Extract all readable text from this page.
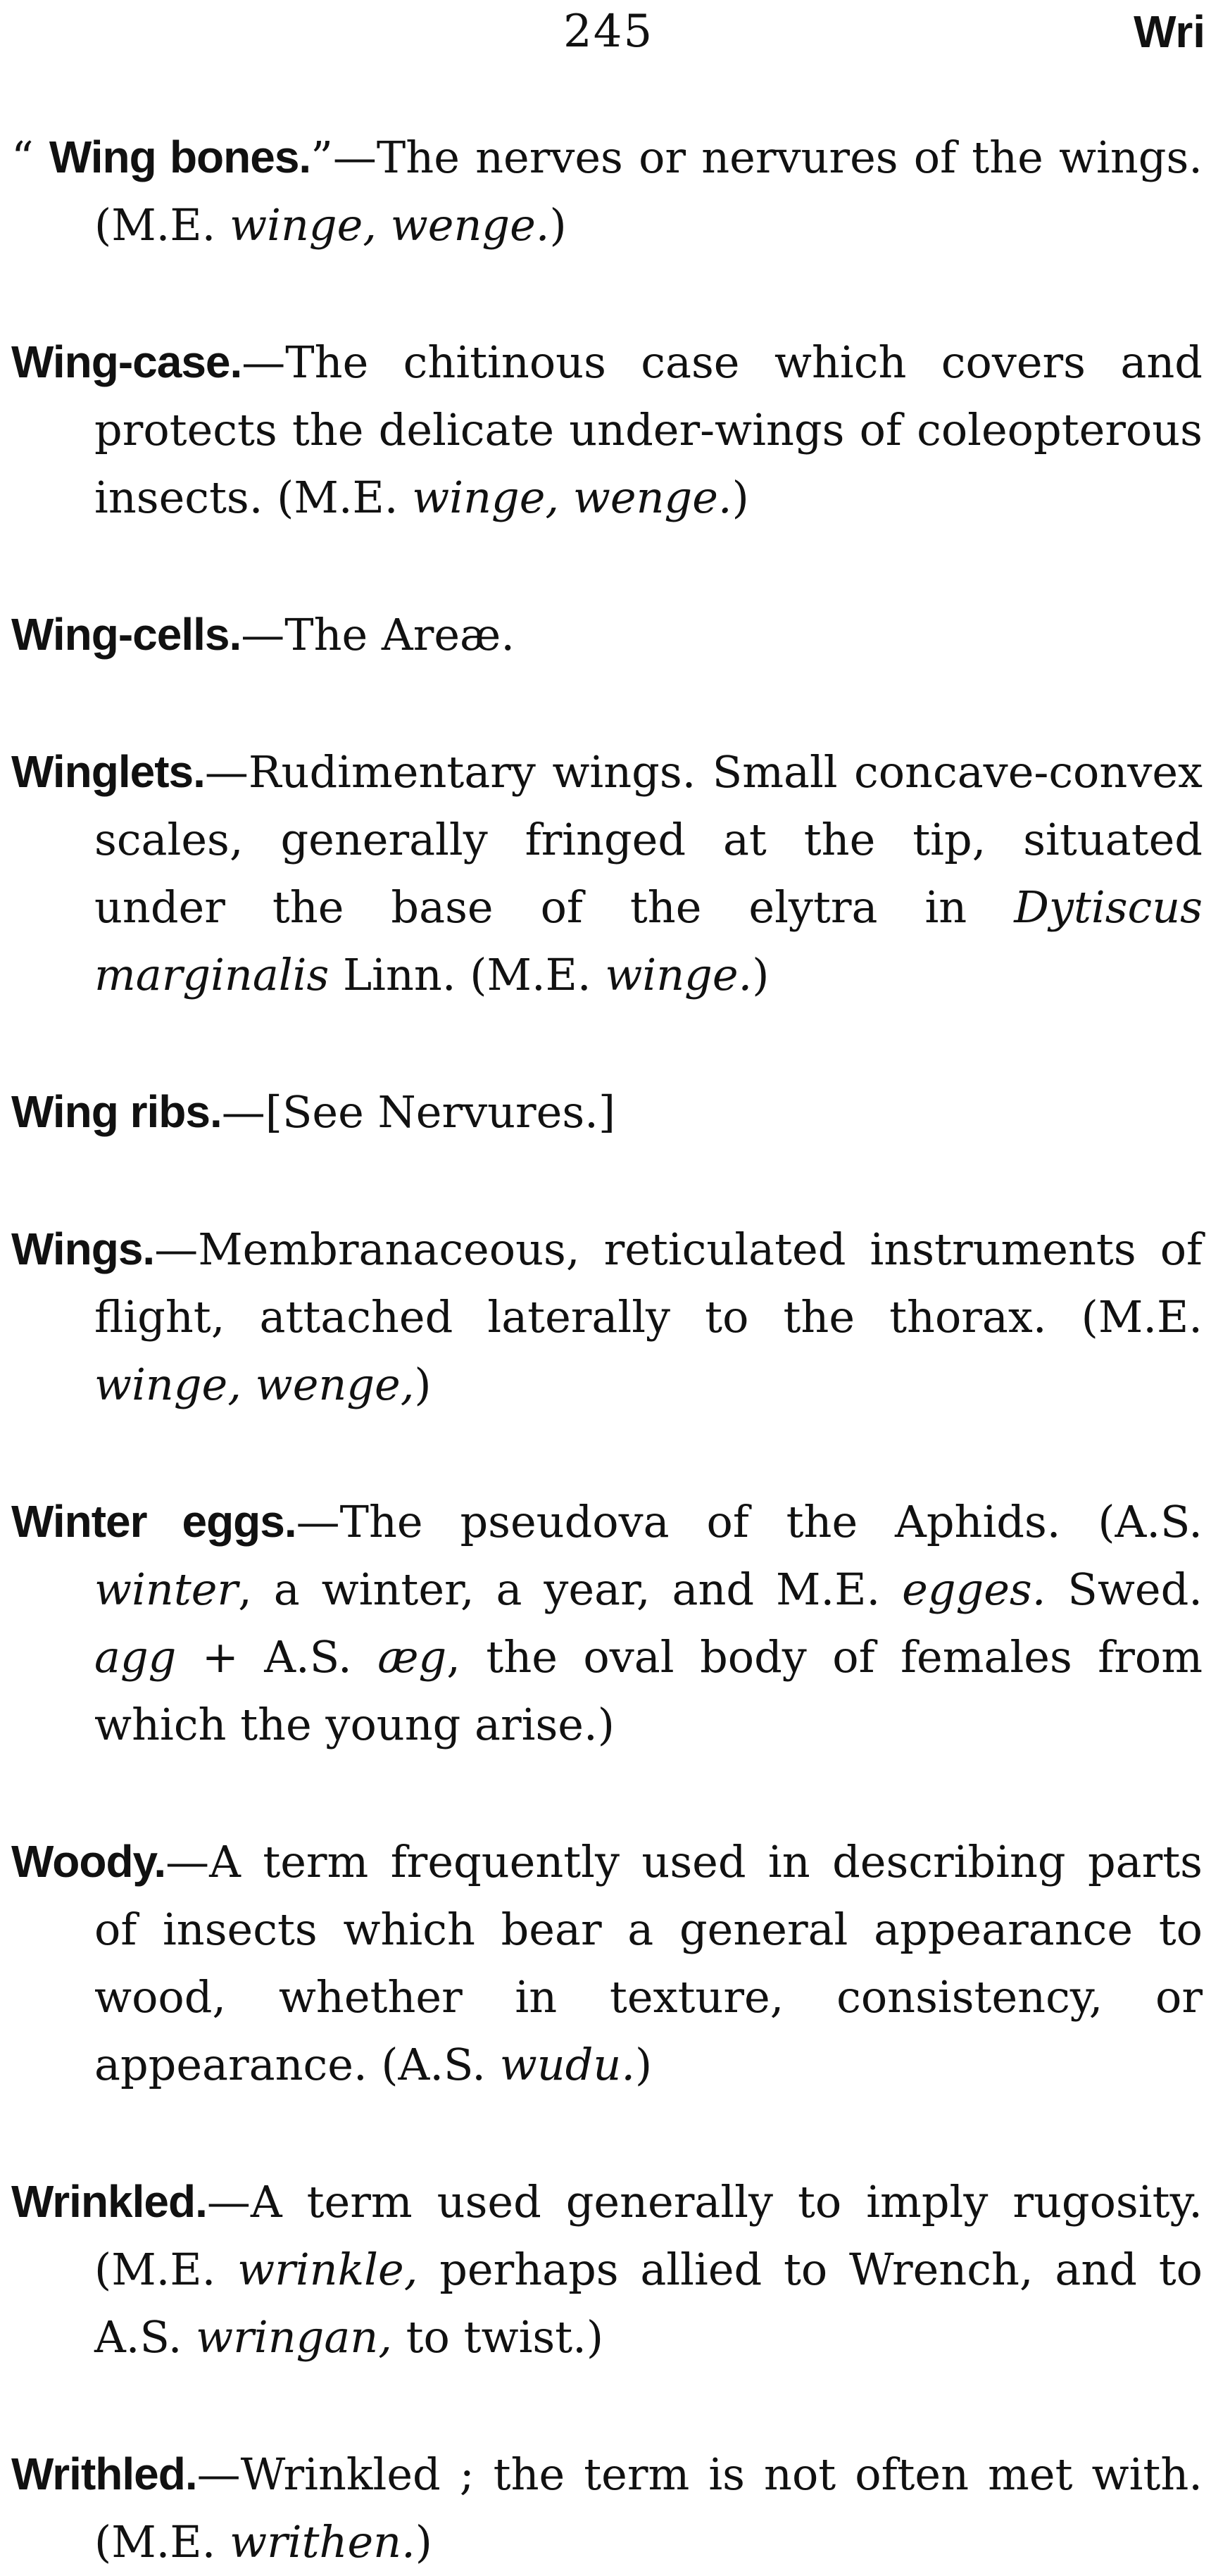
245	Wri

“ Wing bones.”—The nerves or nervures of the wings. (M.E. winge, wenge.)

Wing-case.—The chitinous case which covers and protects the delicate under-wings of coleopterous insects. (M.E. winge, wenge.)

Wing-cells.—The Areæ.

Winglets.—Rudimentary wings. Small concave-convex scales, generally fringed at the tip, situated under the base of the elytra in Dytiscus marginalis Linn. (M.E. winge.)

Wing ribs.—[See Nervures.]

Wings.—Membranaceous, reticulated instruments of flight, attached laterally to the thorax. (M.E. winge, wenge,)

Winter eggs.—The pseudova of the Aphids. (A.S. winter, a winter, a year, and M.E. egges. Swed. agg + A.S. æg, the oval body of females from which the young arise.)

Woody.—A term frequently used in describing parts of insects which bear a general appearance to wood, whether in texture, consistency, or appearance. (A.S. wudu.)

Wrinkled.—A term used generally to imply rugosity. (M.E. wrinkle, perhaps allied to Wrench, and to A.S. wringan, to twist.)

Writhled.—Wrinkled ; the term is not often met with. (M.E. writhen.)
